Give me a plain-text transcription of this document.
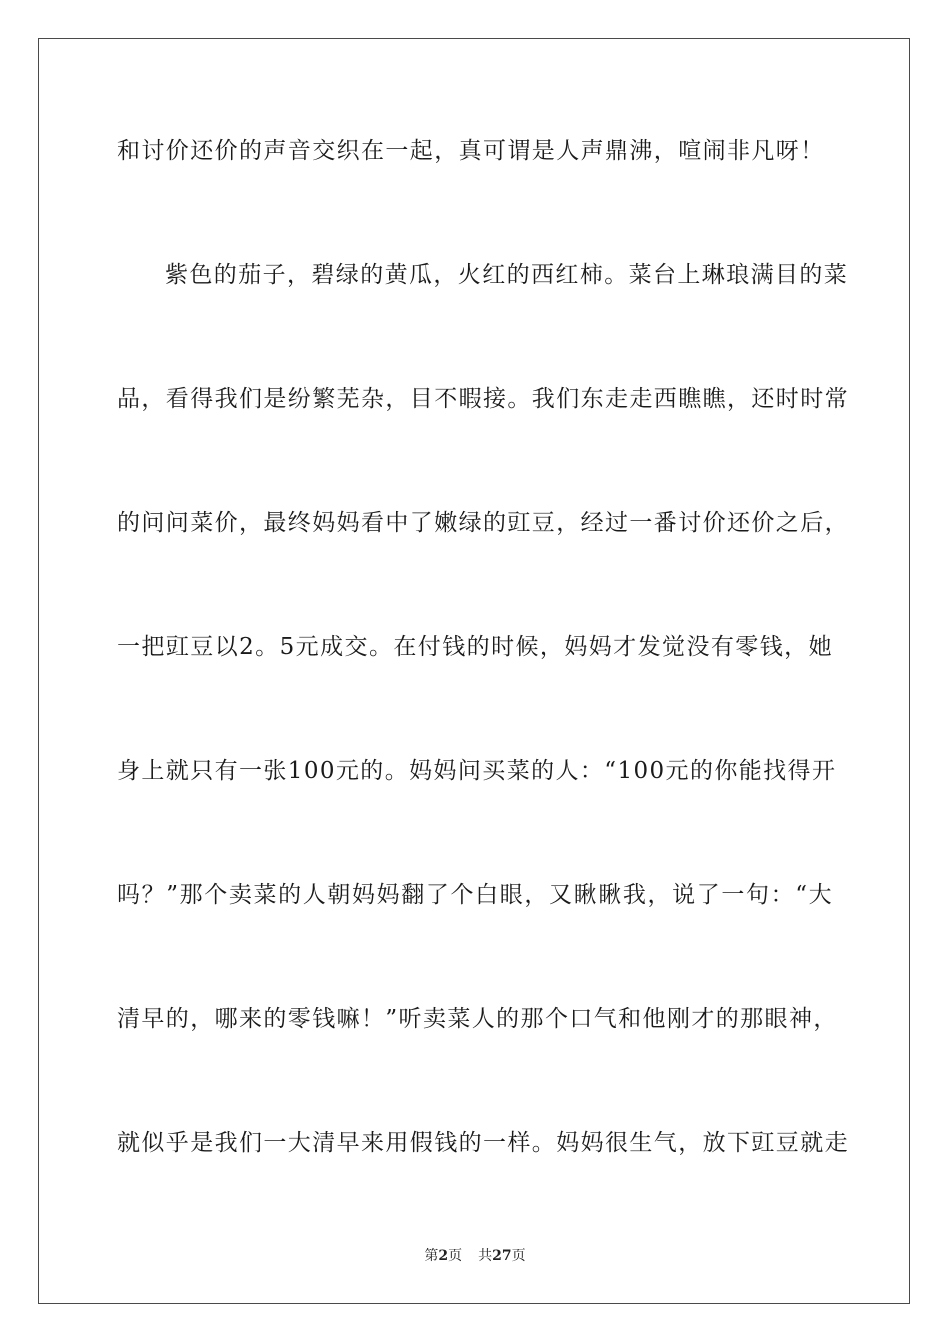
和讨价还价的声音交织在一起，真可谓是人声鼎沸，喧闹非凡呀！
紫色的茄子，碧绿的黄瓜，火红的西红柿。菜台上琳琅满目的菜
品，看得我们是纷繁芜杂，目不暇接。我们东走走西瞧瞧，还时时常
的问问菜价，最终妈妈看中了嫩绿的豇豆，经过一番讨价还价之后，
一把豇豆以2。5元成交。在付钱的时候，妈妈才发觉没有零钱，她
身上就只有一张100元的。妈妈问买菜的人：“100元的你能找得开
吗？”那个卖菜的人朝妈妈翻了个白眼，又瞅瞅我，说了一句：“大
清早的，哪来的零钱嘛！”听卖菜人的那个口气和他刚才的那眼神，
就似乎是我们一大清早来用假钱的一样。妈妈很生气，放下豇豆就走
第2页 共27页
